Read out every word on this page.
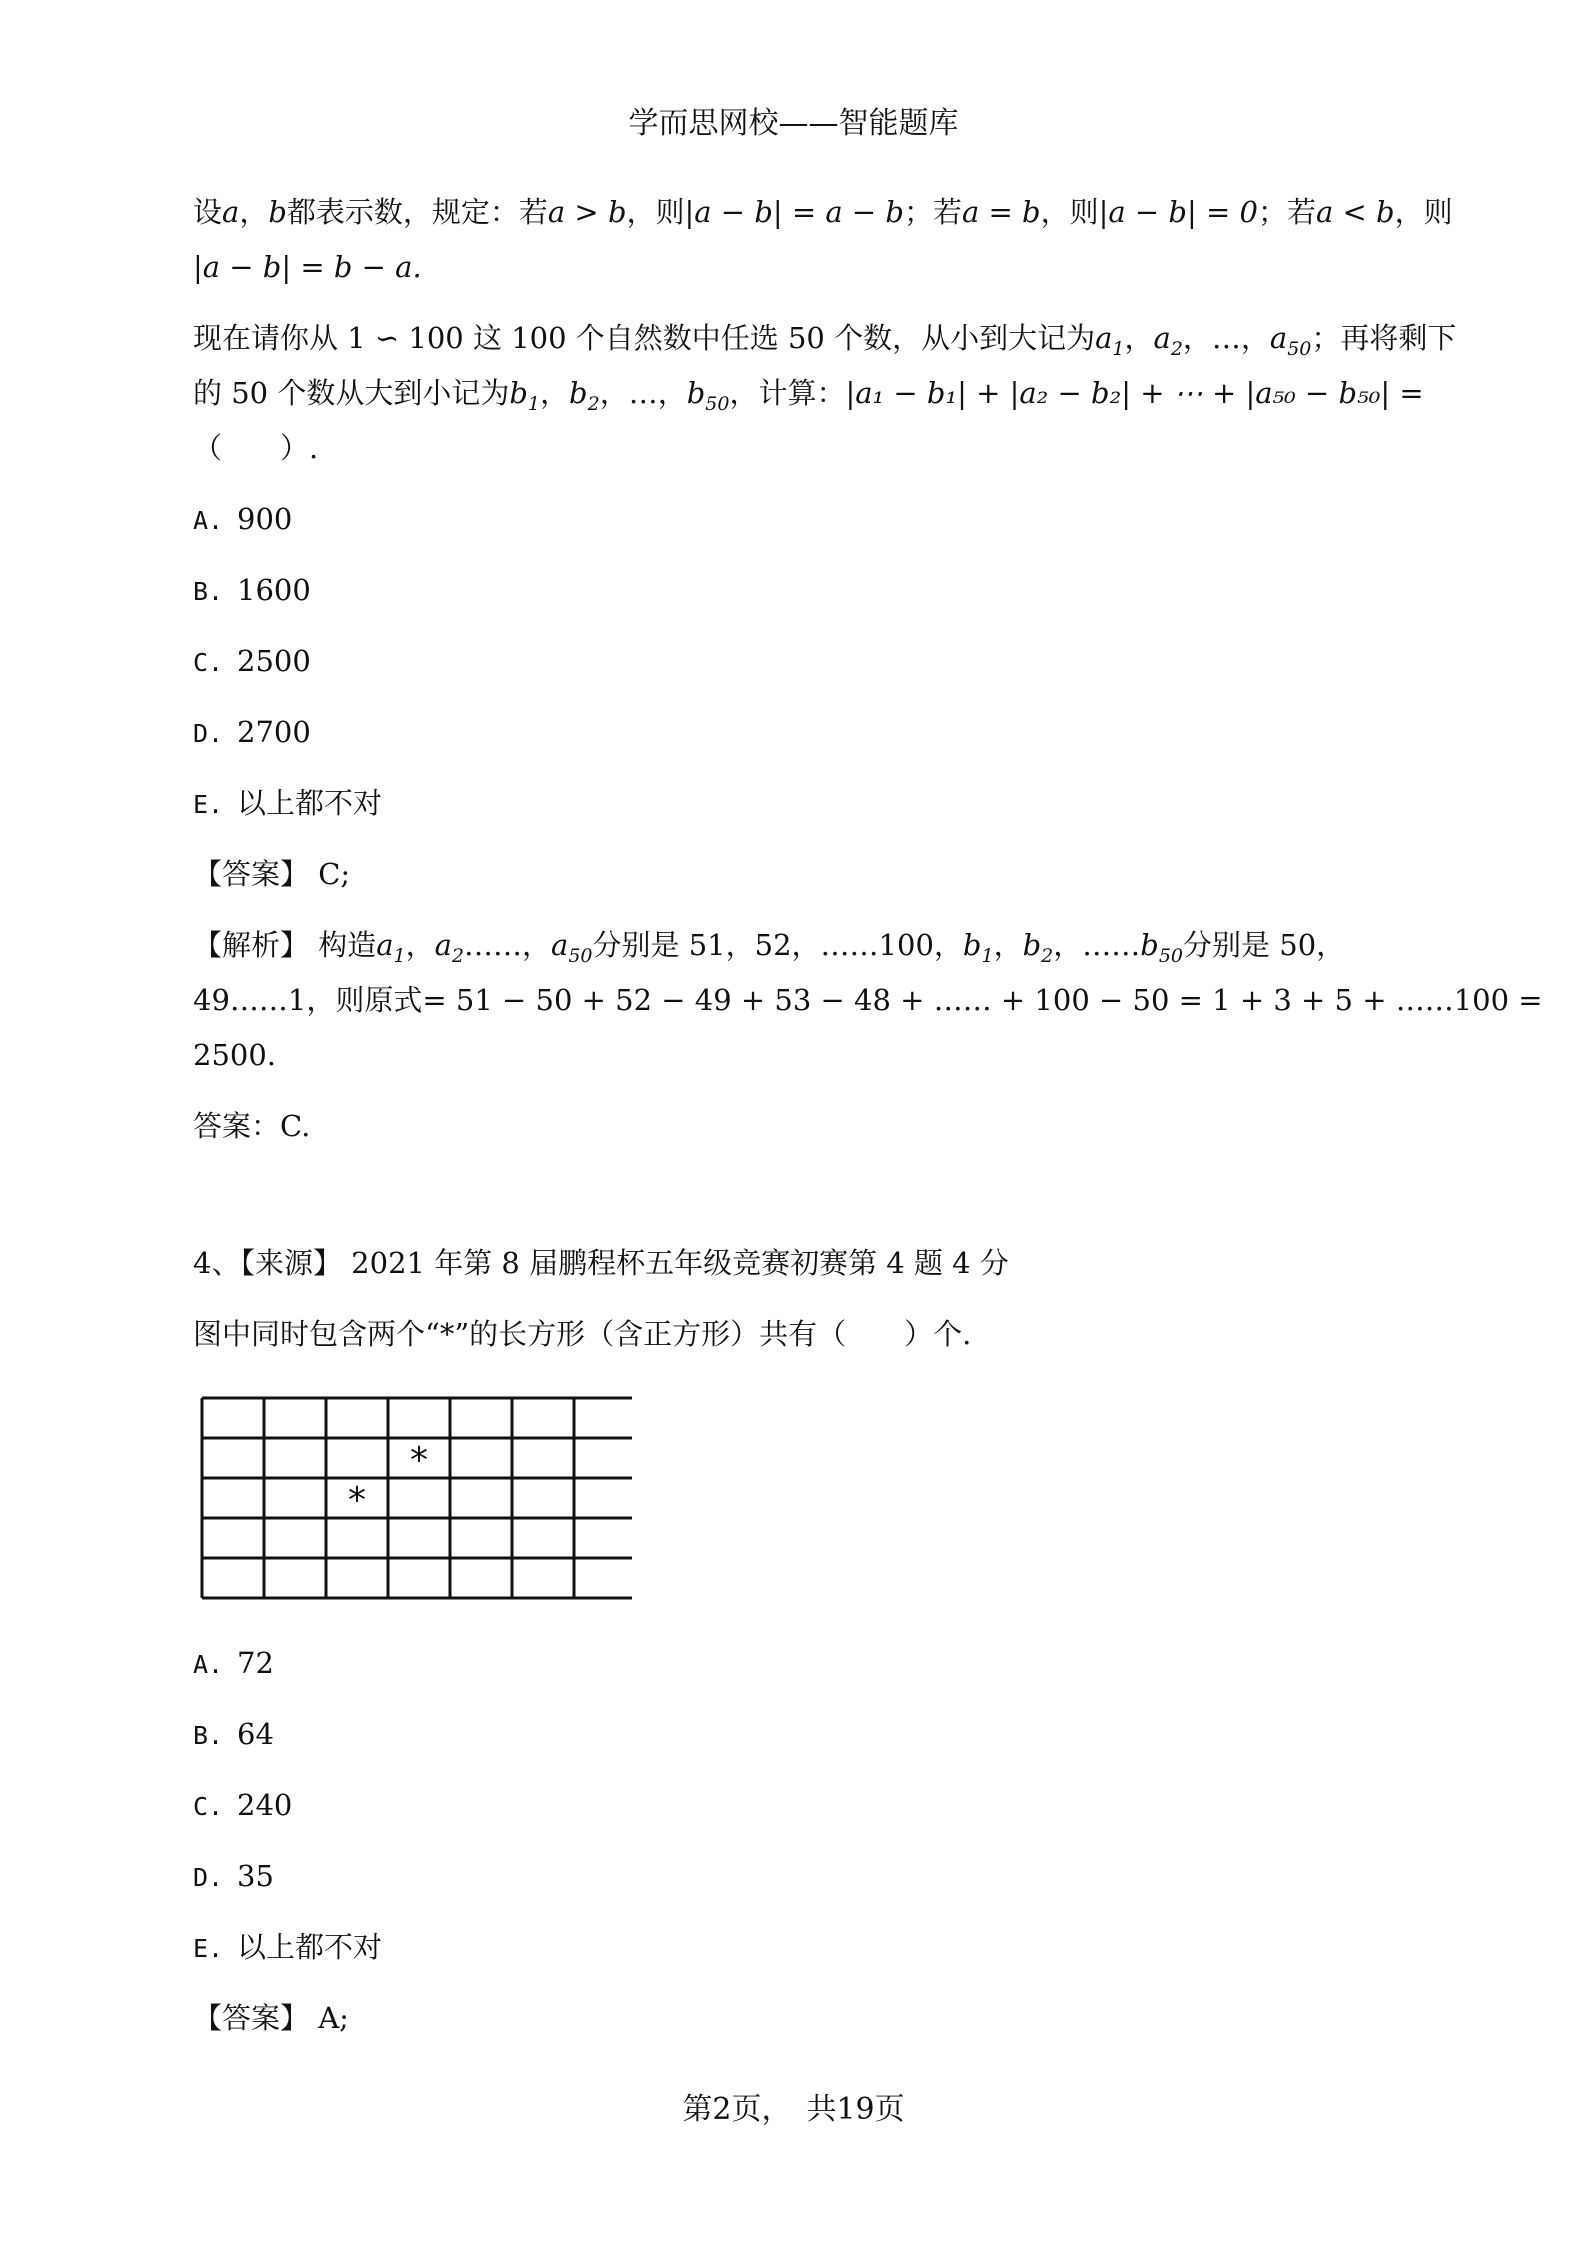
学而思网校——智能题库
设a，b都表示数，规定：若a > b，则|a − b| = a − b；若a = b，则|a − b| = 0；若a < b，则
|a − b| = b − a.
现在请你从 1 ∽ 100 这 100 个自然数中任选 50 个数，从小到大记为$a_1$，$a_2$，…，$a_{50}$；再将剩下
的 50 个数从大到小记为$b_1$，$b_2$，…，$b_{50}$，计算：|a₁ − b₁| + |a₂ − b₂| + ⋯ + |a₅₀ − b₅₀| =
（　　）.
A. 900
B. 1600
C. 2500
D. 2700
E. 以上都不对
【答案】 C;
【解析】 构造$a_1$，$a_2\dots\dots$，$a_{50}$分别是 51，52，……100，$b_1$，$b_2$，$\dots\dots b_{50}$分别是 50，
49……1，则原式= 51 − 50 + 52 − 49 + 53 − 48 + …… + 100 − 50 = 1 + 3 + 5 + ……100 =
2500.
答案：C.
4、【来源】 2021 年第 8 届鹏程杯五年级竞赛初赛第 4 题 4 分
图中同时包含两个“*”的长方形（含正方形）共有（　　）个.
*
*
A. 72
B. 64
C. 240
D. 35
E. 以上都不对
【答案】 A;
第2页，　共19页
